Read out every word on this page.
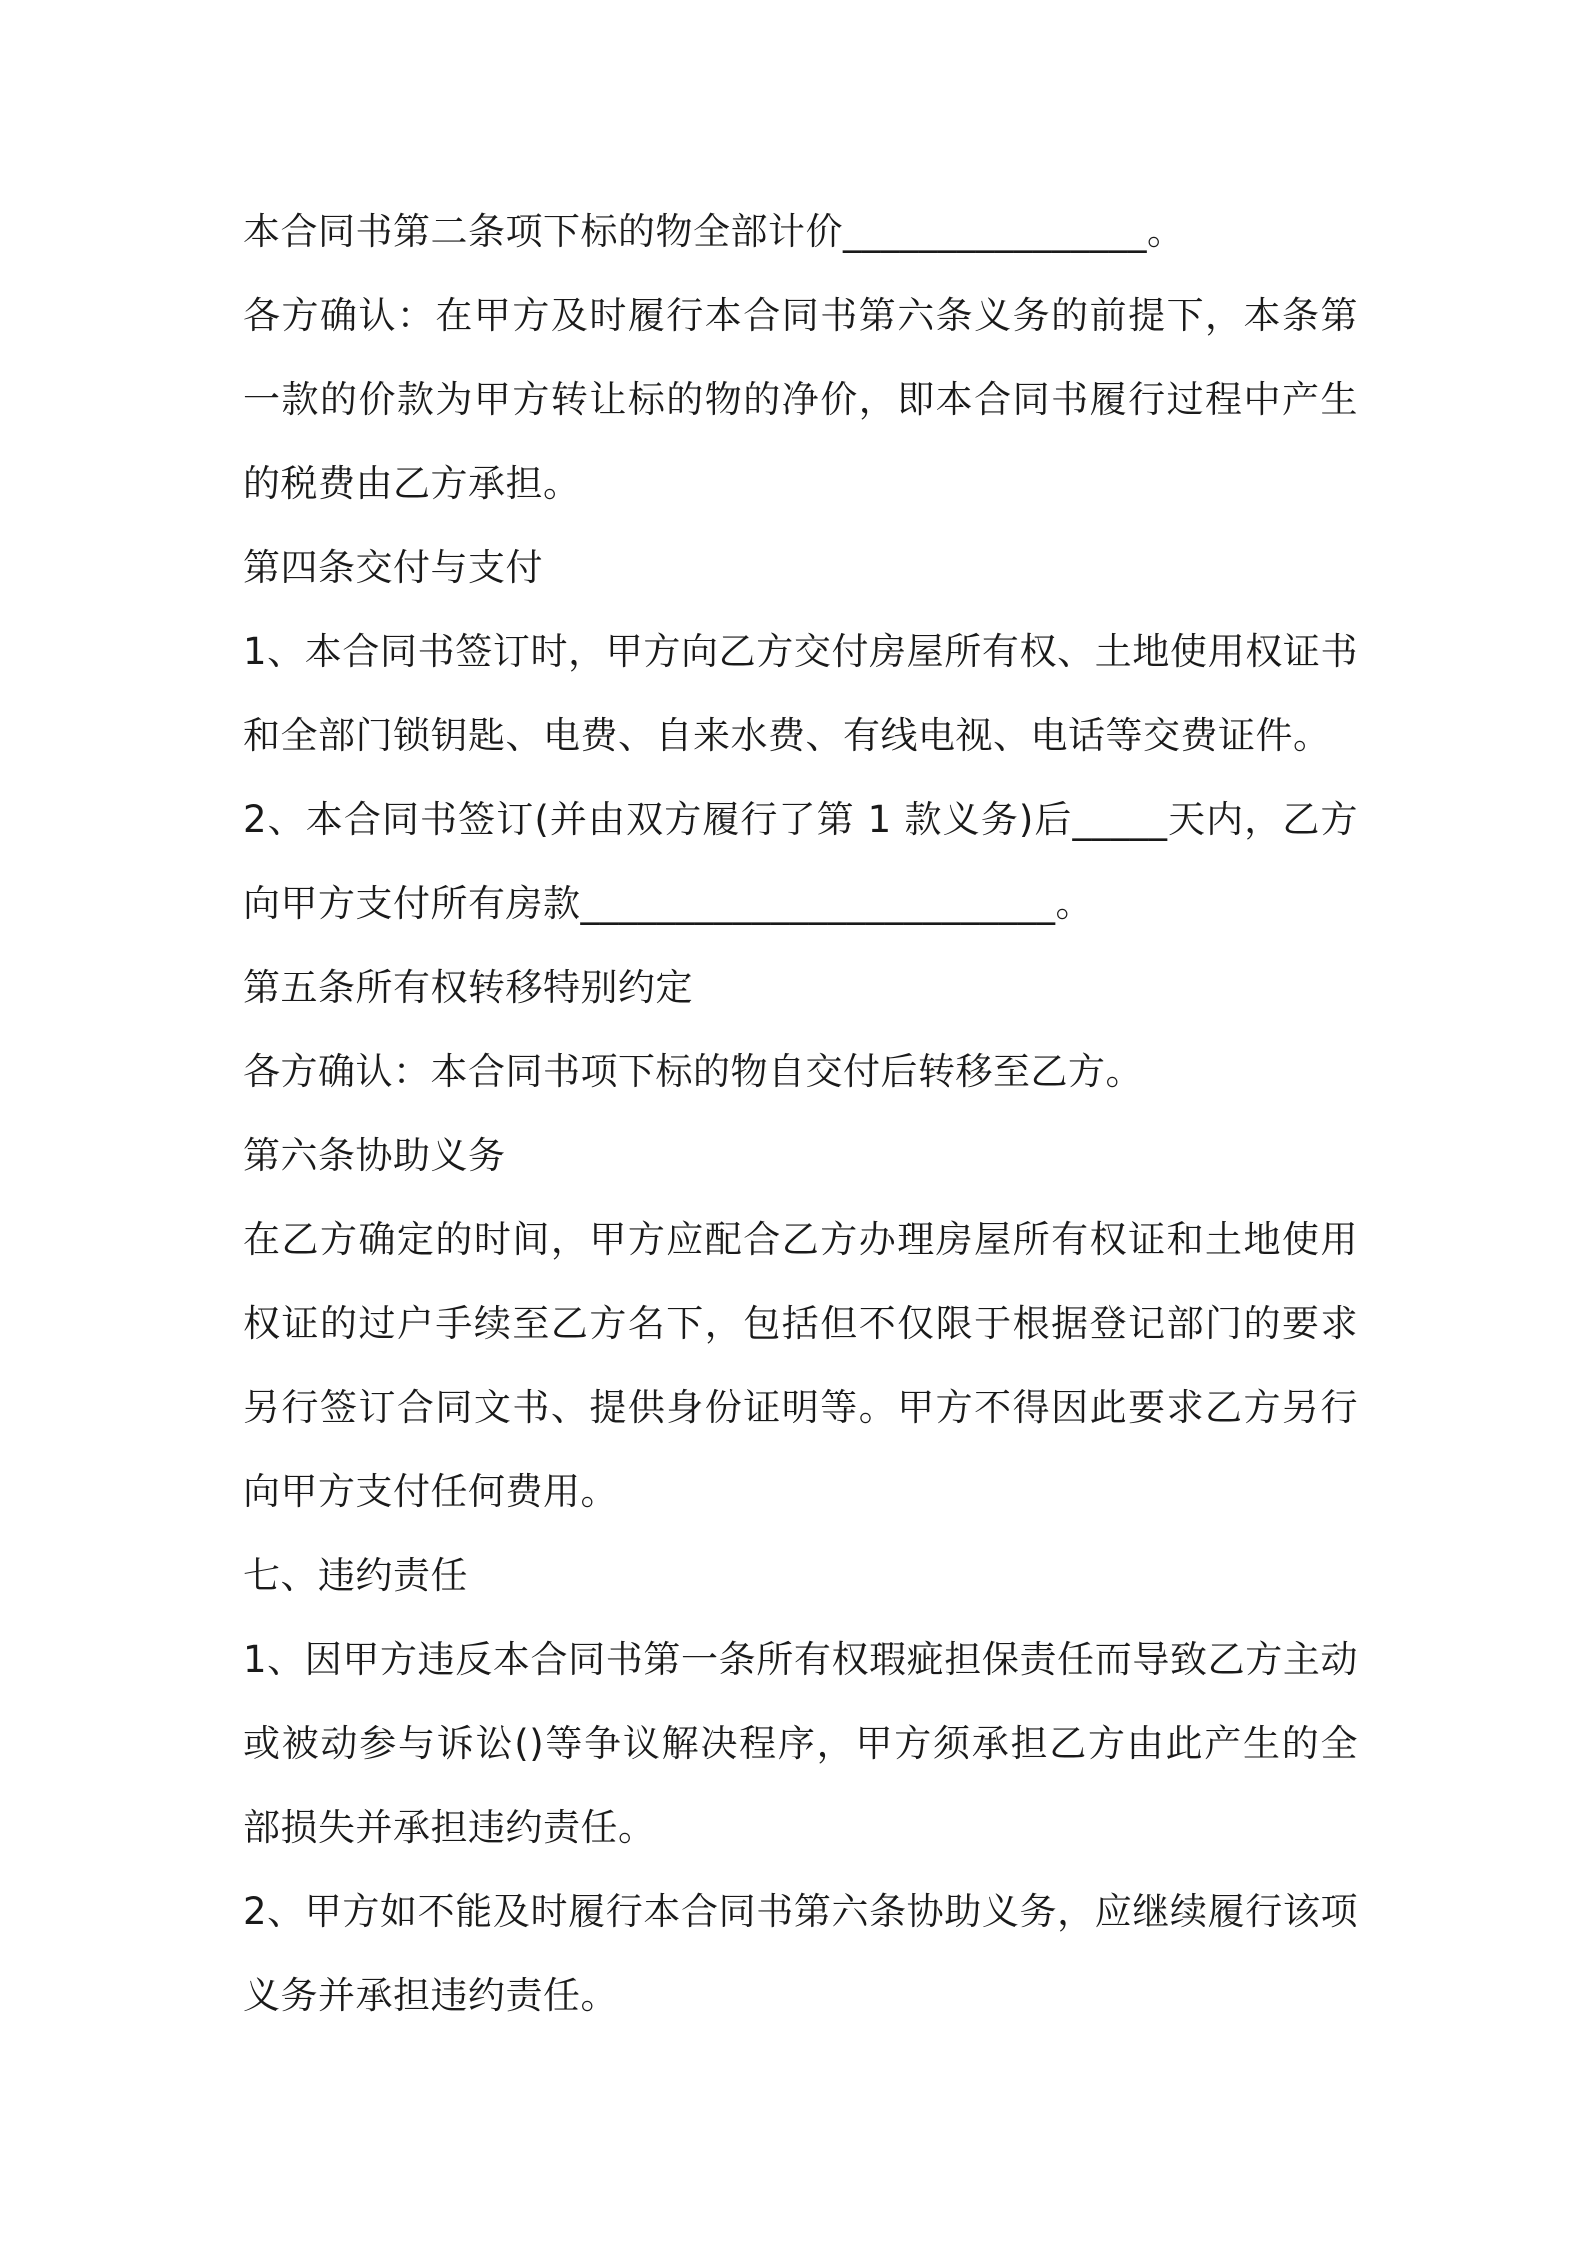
本合同书第二条项下标的物全部计价________________。

各方确认：在甲方及时履行本合同书第六条义务的前提下，本条第一款的价款为甲方转让标的物的净价，即本合同书履行过程中产生的税费由乙方承担。

第四条交付与支付

1、本合同书签订时，甲方向乙方交付房屋所有权、土地使用权证书和全部门锁钥匙、电费、自来水费、有线电视、电话等交费证件。

2、本合同书签订(并由双方履行了第 1 款义务)后_____天内，乙方向甲方支付所有房款_________________________。

第五条所有权转移特别约定

各方确认：本合同书项下标的物自交付后转移至乙方。

第六条协助义务

在乙方确定的时间，甲方应配合乙方办理房屋所有权证和土地使用权证的过户手续至乙方名下，包括但不仅限于根据登记部门的要求另行签订合同文书、提供身份证明等。甲方不得因此要求乙方另行向甲方支付任何费用。

七、违约责任

1、因甲方违反本合同书第一条所有权瑕疵担保责任而导致乙方主动或被动参与诉讼()等争议解决程序，甲方须承担乙方由此产生的全部损失并承担违约责任。

2、甲方如不能及时履行本合同书第六条协助义务，应继续履行该项义务并承担违约责任。
